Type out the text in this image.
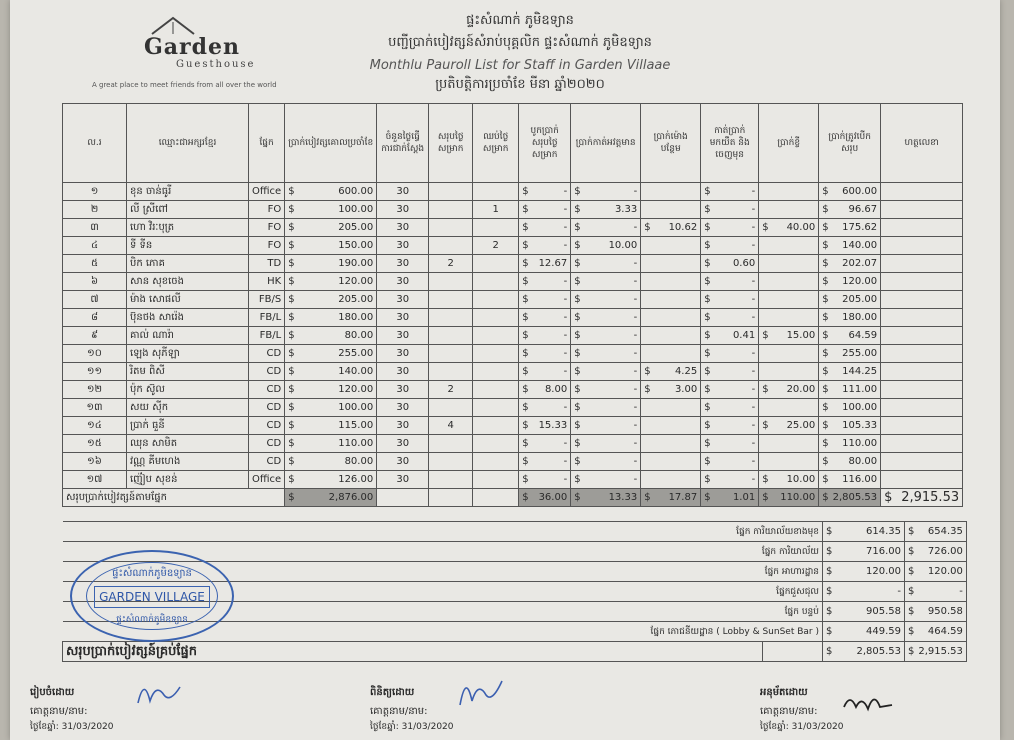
Garden
Guesthouse
A great place to meet friends from all over the world
ផ្ទះសំណាក់ ភូមិឧទ្យាន
បញ្ជីប្រាក់បៀវត្សន៍សំរាប់បុគ្គលិក ផ្ទះសំណាក់ ភូមិឧទ្យាន
Monthlu Pauroll List for Staff in Garden Villaae
ប្រតិបត្តិការប្រចាំខែ មីនា ឆ្នាំ២០២០
ល.រ	ឈ្មោះជាអក្សរខ្មែរ	ផ្នែក	ប្រាក់បៀវត្សគោលប្រចាំខែ	ចំនួនថ្ងៃធ្វើការជាក់ស្តែង	សរុបថ្ងៃសម្រាក	ឈប់ថ្ងៃសម្រាក	បូកប្រាក់សរុបថ្ងៃសម្រាក	ប្រាក់កាត់អវត្តមាន	ប្រាក់ម៉ោងបន្ថែម	កាត់ប្រាក់មកយឺត និងចេញមុន	ប្រាក់ខ្ចី	ប្រាក់ត្រូវបើកសរុប	ហត្ថលេខា
១	ខុន ចាន់ធូរី	Office	$ 600.00	30			$ -	$ -		$ -		$ 600.00	

២	លី ស្រីពៅ	FO	$ 100.00	30		1	$ -	$ 3.33		$ -		$ 96.67	

៣	ហោ វិរៈបុត្រ	FO	$ 205.00	30			$ -	$ -	$ 10.62	$ -	$ 40.00	$ 175.62	

៤	ទី ទីន	FO	$ 150.00	30		2	$ -	$ 10.00		$ -		$ 140.00	

៥	បិក ភោគ	TD	$ 190.00	30	2		$ 12.67	$ -		$ 0.60		$ 202.07	

៦	សាន សុខចេង	HK	$ 120.00	30			$ -	$ -		$ -		$ 120.00	

៧	ម៉ាង សោផលី	FB/S	$ 205.00	30			$ -	$ -		$ -		$ 205.00	

៨	ប៊ុនថង សារ៉េង	FB/L	$ 180.00	30			$ -	$ -		$ -		$ 180.00	

៩	គាល់ ណារ៉ា	FB/L	$ 80.00	30			$ -	$ -		$ 0.41	$ 15.00	$ 64.59	

១០	ឡេង សុភីឡា	CD	$ 255.00	30			$ -	$ -		$ -		$ 255.00	

១១	រិតម ពិសី	CD	$ 140.00	30			$ -	$ -	$ 4.25	$ -		$ 144.25	

១២	ប៉ុក ស៊ូល	CD	$ 120.00	30	2		$ 8.00	$ -	$ 3.00	$ -	$ 20.00	$ 111.00	

១៣	សយ ស៊ីក	CD	$ 100.00	30			$ -	$ -		$ -		$ 100.00	

១៤	ប្រាក់ ធួនី	CD	$ 115.00	30	4		$ 15.33	$ -		$ -	$ 25.00	$ 105.33	

១៥	ឈុន សាមិត	CD	$ 110.00	30			$ -	$ -		$ -		$ 110.00	

១៦	វណ្ណ គីមហេង	CD	$ 80.00	30			$ -	$ -		$ -		$ 80.00	

១៧	ញ៉ៀប សុខន់	Office	$ 126.00	30			$ -	$ -		$ -	$ 10.00	$ 116.00	

សរុបប្រាក់បៀវត្សន៍តាមផ្នែក			$ 2,876.00				$ 36.00	$ 13.33	$ 17.87	$ 1.01	$ 110.00	$ 2,805.53	$ 2,915.53
ផ្នែក ការិយាល័យខាងមុខ		$ 614.35	$ 654.35

ផ្នែក ការិយាល័យ		$ 716.00	$ 726.00

ផ្នែក អាហារដ្ឋាន		$ 120.00	$ 120.00

ផ្នែកជួសជុល		$ -	$ -

ផ្នែក បន្ទប់		$ 905.58	$ 950.58

ផ្នែក ភោជនីយដ្ឋាន ( Lobby & SunSet Bar )		$ 449.59	$ 464.59

សរុបប្រាក់បៀវត្សន៍គ្រប់ផ្នែក		$ 2,805.53	$ 2,915.53
ផ្ទះសំណាក់ភូមិឧទ្យាន
GARDEN VILLAGE
ផ្ទះសំណាក់ភូមិឧទ្យាន
រៀបចំដោយ
គោត្តនាម/នាម:
ថ្ងៃខែឆ្នាំ: 31/03/2020
ពិនិត្យដោយ
គោត្តនាម/នាម:
ថ្ងៃខែឆ្នាំ: 31/03/2020
អនុម័តដោយ
គោត្តនាម/នាម:
ថ្ងៃខែឆ្នាំ: 31/03/2020
